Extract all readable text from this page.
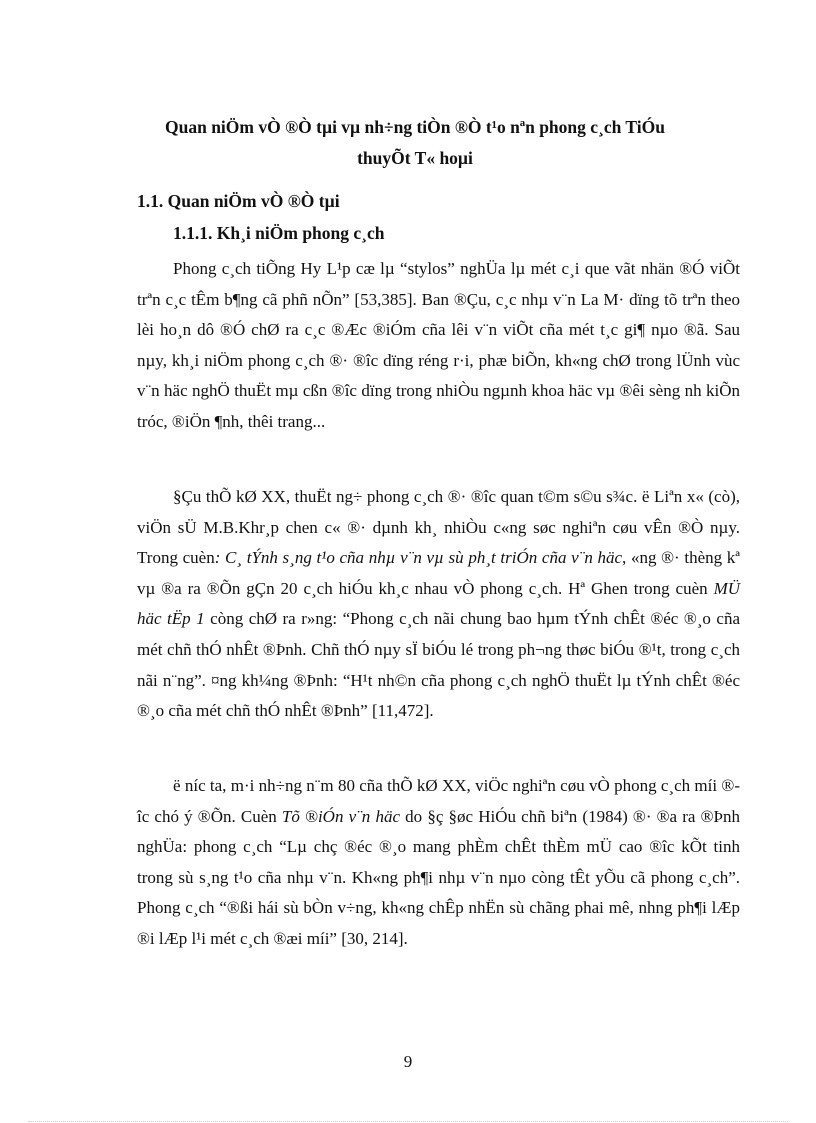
Quan niÖm vÒ ®Ò tµi vµ nh÷ng tiÒn ®Ò t¹o nªn phong c¸ch TiÓu
thuyÕt T« hoµi
1.1. Quan niÖm vÒ ®Ò tµi
1.1.1. Kh¸i niÖm phong c¸ch

Phong c¸ch tiÕng Hy L¹p cæ lµ “stylos” nghÜa lµ mét c¸i que vãt nhän ®Ó viÕt trªn c¸c tÊm b¶ng cã phñ nÕn” [53,385]. Ban ®Çu, c¸c nhµ v¨n La M· dïng tõ trªn theo lèi ho¸n dô ®Ó chØ ra c¸c ®Æc ®iÓm cña lêi v¨n viÕt cña mét t¸c gi¶ nµo ®ã. Sau nµy, kh¸i niÖm phong c¸ch ®· ®îc dïng réng r·i, phæ biÕn, kh«ng chØ trong lÜnh vùc v¨n häc nghÖ thuËt mµ cßn ®îc dïng trong nhiÒu ngµnh khoa häc vµ ®êi sèng nh kiÕn tróc, ®iÖn ¶nh, thêi trang...

§Çu thÕ kØ XX, thuËt ng÷ phong c¸ch ®· ®îc quan t©m s©u s¾c. ë Liªn x« (cò), viÖn sÜ M.B.Khr¸p chen c« ®· dµnh kh¸ nhiÒu c«ng søc nghiªn cøu vÊn ®Ò nµy. Trong cuèn: C¸ tÝnh s¸ng t¹o cña nhµ v¨n vµ sù ph¸t triÓn cña v¨n häc, «ng ®· thèng kª vµ ®a ra ®Õn gÇn 20 c¸ch hiÓu kh¸c nhau vÒ phong c¸ch. Hª Ghen trong cuèn MÜ häc tËp 1 còng chØ ra r»ng: “Phong c¸ch nãi chung bao hµm tÝnh chÊt ®éc ®¸o cña mét chñ thÓ nhÊt ®Þnh. Chñ thÓ nµy sÏ biÓu lé trong ph¬ng thøc biÓu ®¹t, trong c¸ch nãi n¨ng”. ¤ng kh¼ng ®Þnh: “H¹t nh©n cña phong c¸ch nghÖ thuËt lµ tÝnh chÊt ®éc ®¸o cña mét chñ thÓ nhÊt ®Þnh” [11,472].

ë níc ta, m·i nh÷ng n¨m 80 cña thÕ kØ XX, viÖc nghiªn cøu vÒ phong c¸ch míi ®îc chó ý ®Õn. Cuèn Tõ ®iÓn v¨n häc do §ç §øc HiÓu chñ biªn (1984) ®· ®a ra ®Þnh nghÜa: phong c¸ch “Lµ chç ®éc ®¸o mang phÈm chÊt thÈm mÜ cao ®îc kÕt tinh trong sù s¸ng t¹o cña nhµ v¨n. Kh«ng ph¶i nhµ v¨n nµo còng tÊt yÕu cã phong c¸ch”. Phong c¸ch “®ßi hái sù bÒn v÷ng, kh«ng chÊp nhËn sù chãng phai mê, nhng ph¶i lÆp ®i lÆp l¹i mét c¸ch ®æi míi” [30, 214].

9
